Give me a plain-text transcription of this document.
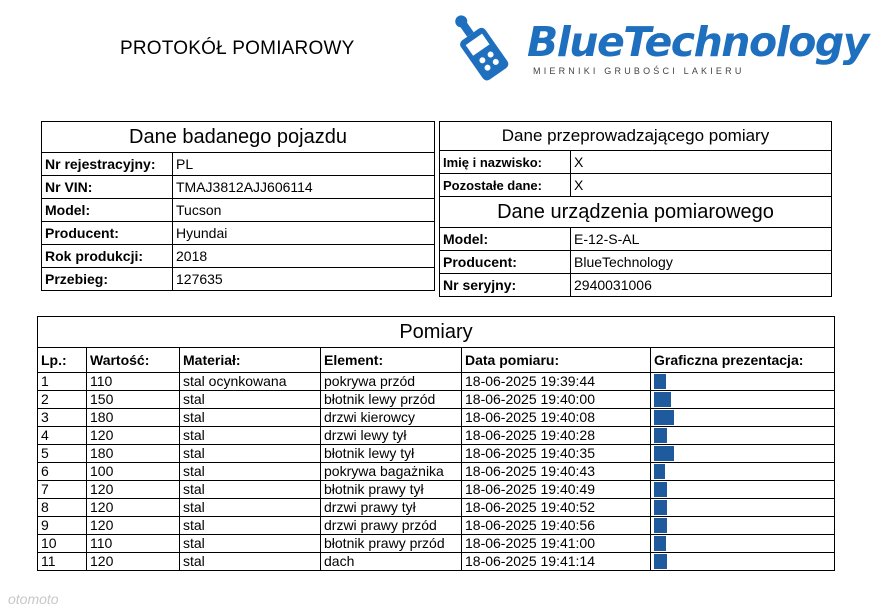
PROTOKÓŁ POMIAROWY	BlueTechnology
MIERNIKI GRUBOŚCI LAKIERU
Dane badanego pojazdu	
Nr rejestracyjny:	PL
Nr VIN:	TMAJ3812AJJ606114
Model:	Tucson
Producent:	Hyundai
Rok produkcji:	2018
Przebieg:	127635
Dane przeprowadzającego pomiary	
Imię i nazwisko:	X
Pozostałe dane:	X
Dane urządzenia pomiarowego	
Model:	E-12-S-AL
Producent:	BlueTechnology
Nr seryjny:	2940031006
Pomiary					
Lp.:	Wartość:	Materiał:	Element:	Data pomiaru:	Graficzna prezentacja:
1	110	stal ocynkowana	pokrywa przód	18-06-2025 19:39:44	

2	150	stal	błotnik lewy przód	18-06-2025 19:40:00	

3	180	stal	drzwi kierowcy	18-06-2025 19:40:08	

4	120	stal	drzwi lewy tył	18-06-2025 19:40:28	

5	180	stal	błotnik lewy tył	18-06-2025 19:40:35	

6	100	stal	pokrywa bagażnika	18-06-2025 19:40:43	

7	120	stal	błotnik prawy tył	18-06-2025 19:40:49	

8	120	stal	drzwi prawy tył	18-06-2025 19:40:52	

9	120	stal	drzwi prawy przód	18-06-2025 19:40:56	

10	110	stal	błotnik prawy przód	18-06-2025 19:41:00	

11	120	stal	dach	18-06-2025 19:41:14	
otomoto
